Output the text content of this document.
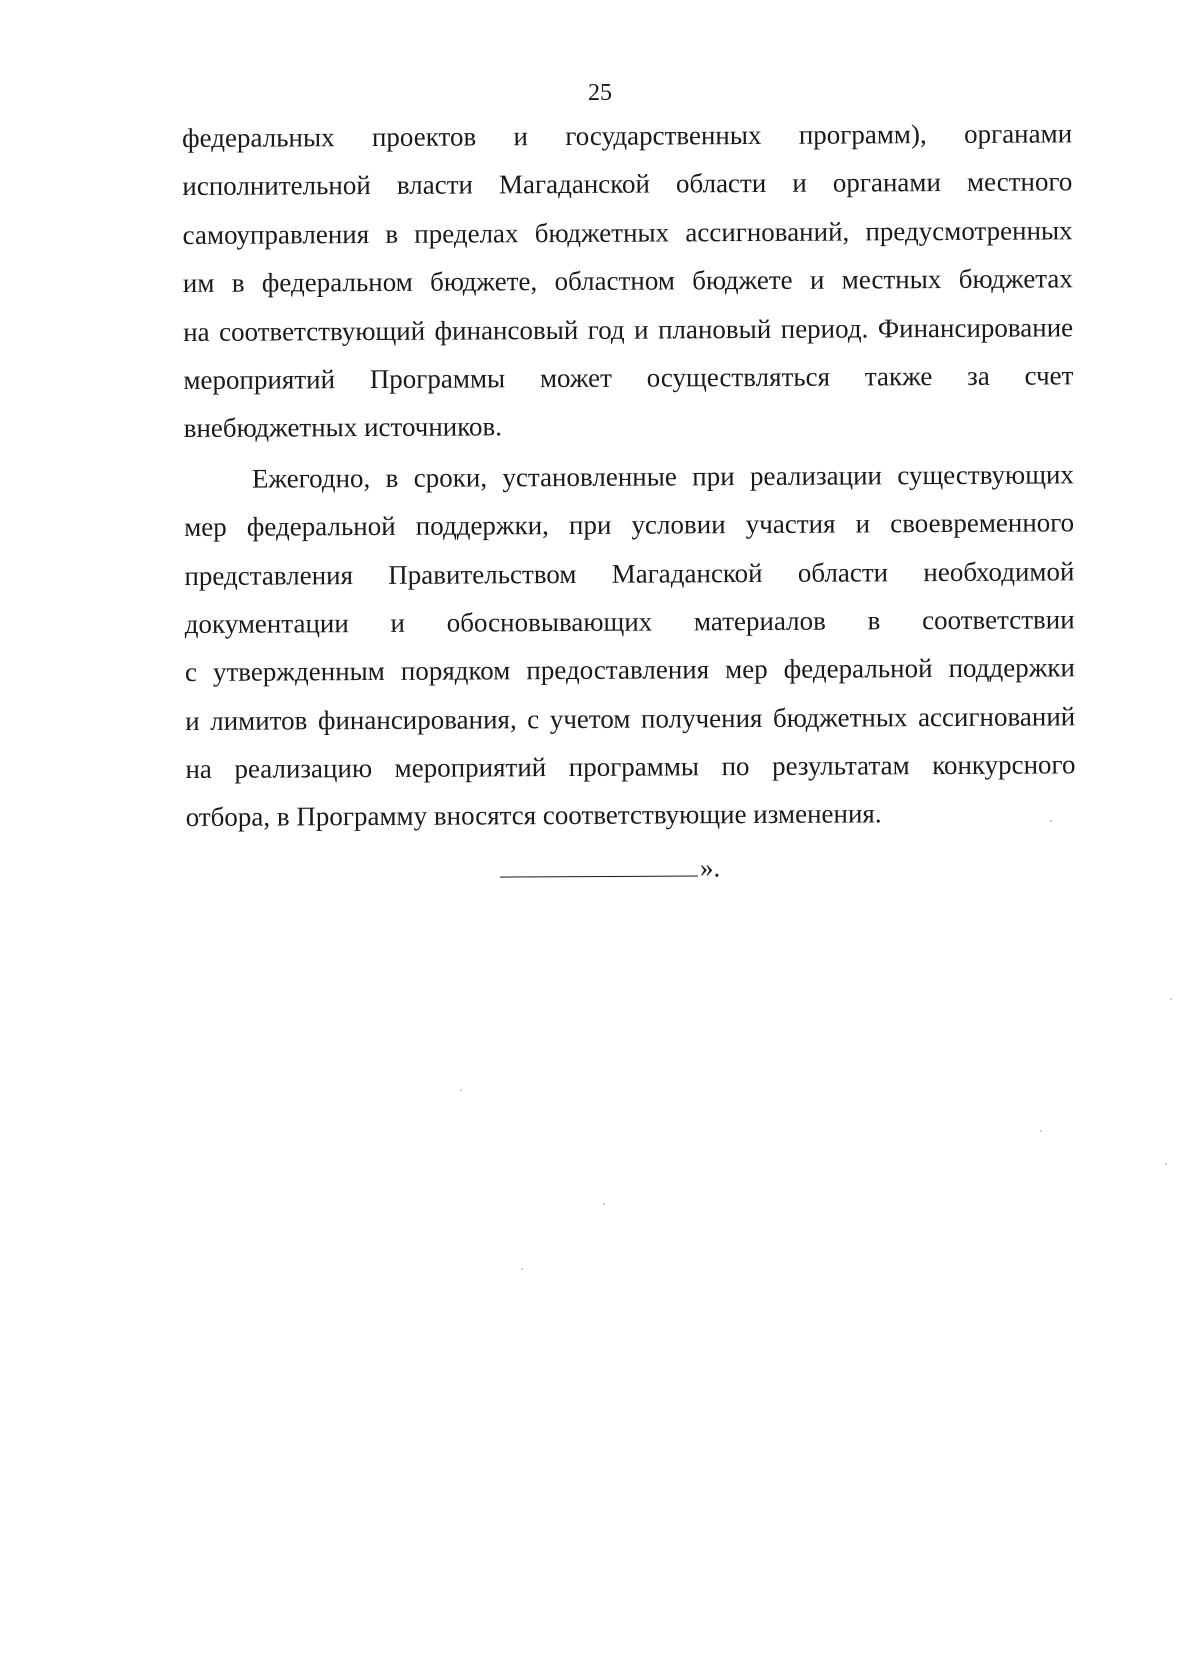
25

федеральных проектов и государственных программ), органами
исполнительной власти Магаданской области и органами местного
самоуправления в пределах бюджетных ассигнований, предусмотренных
им в федеральном бюджете, областном бюджете и местных бюджетах
на соответствующий финансовый год и плановый период. Финансирование
мероприятий Программы может осуществляться также за счет
внебюджетных источников.

Ежегодно, в сроки, установленные при реализации существующих
мер федеральной поддержки, при условии участия и своевременного
представления Правительством Магаданской области необходимой
документации и обосновывающих материалов в соответствии
с утвержденным порядком предоставления мер федеральной поддержки
и лимитов финансирования, с учетом получения бюджетных ассигнований
на реализацию мероприятий программы по результатам конкурсного
отбора, в Программу вносятся соответствующие изменения.

».
